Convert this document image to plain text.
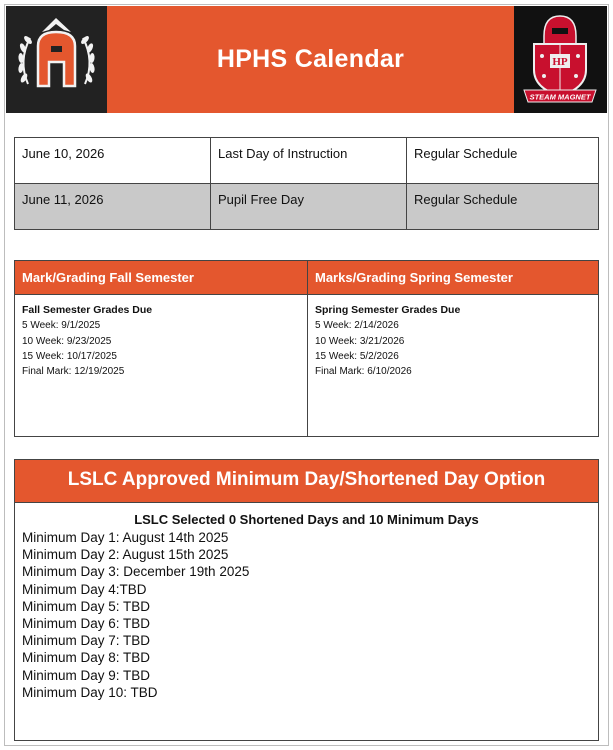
HPHS Calendar	HP
STEAM MAGNET
June 10, 2026	Last Day of Instruction	Regular Schedule
June 11, 2026	Pupil Free Day	Regular Schedule
Mark/Grading Fall Semester
Fall Semester Grades Due
5 Week: 9/1/2025
10 Week: 9/23/2025
15 Week: 10/17/2025
Final Mark: 12/19/2025
Marks/Grading Spring Semester
Spring Semester Grades Due
5 Week: 2/14/2026
10 Week: 3/21/2026
15 Week: 5/2/2026
Final Mark: 6/10/2026
LSLC Approved Minimum Day/Shortened Day Option
LSLC Selected 0 Shortened Days and 10 Minimum Days
Minimum Day 1: August 14th 2025
Minimum Day 2: August 15th 2025
Minimum Day 3: December 19th 2025
Minimum Day 4:TBD
Minimum Day 5: TBD
Minimum Day 6: TBD
Minimum Day 7: TBD
Minimum Day 8: TBD
Minimum Day 9: TBD
Minimum Day 10: TBD
